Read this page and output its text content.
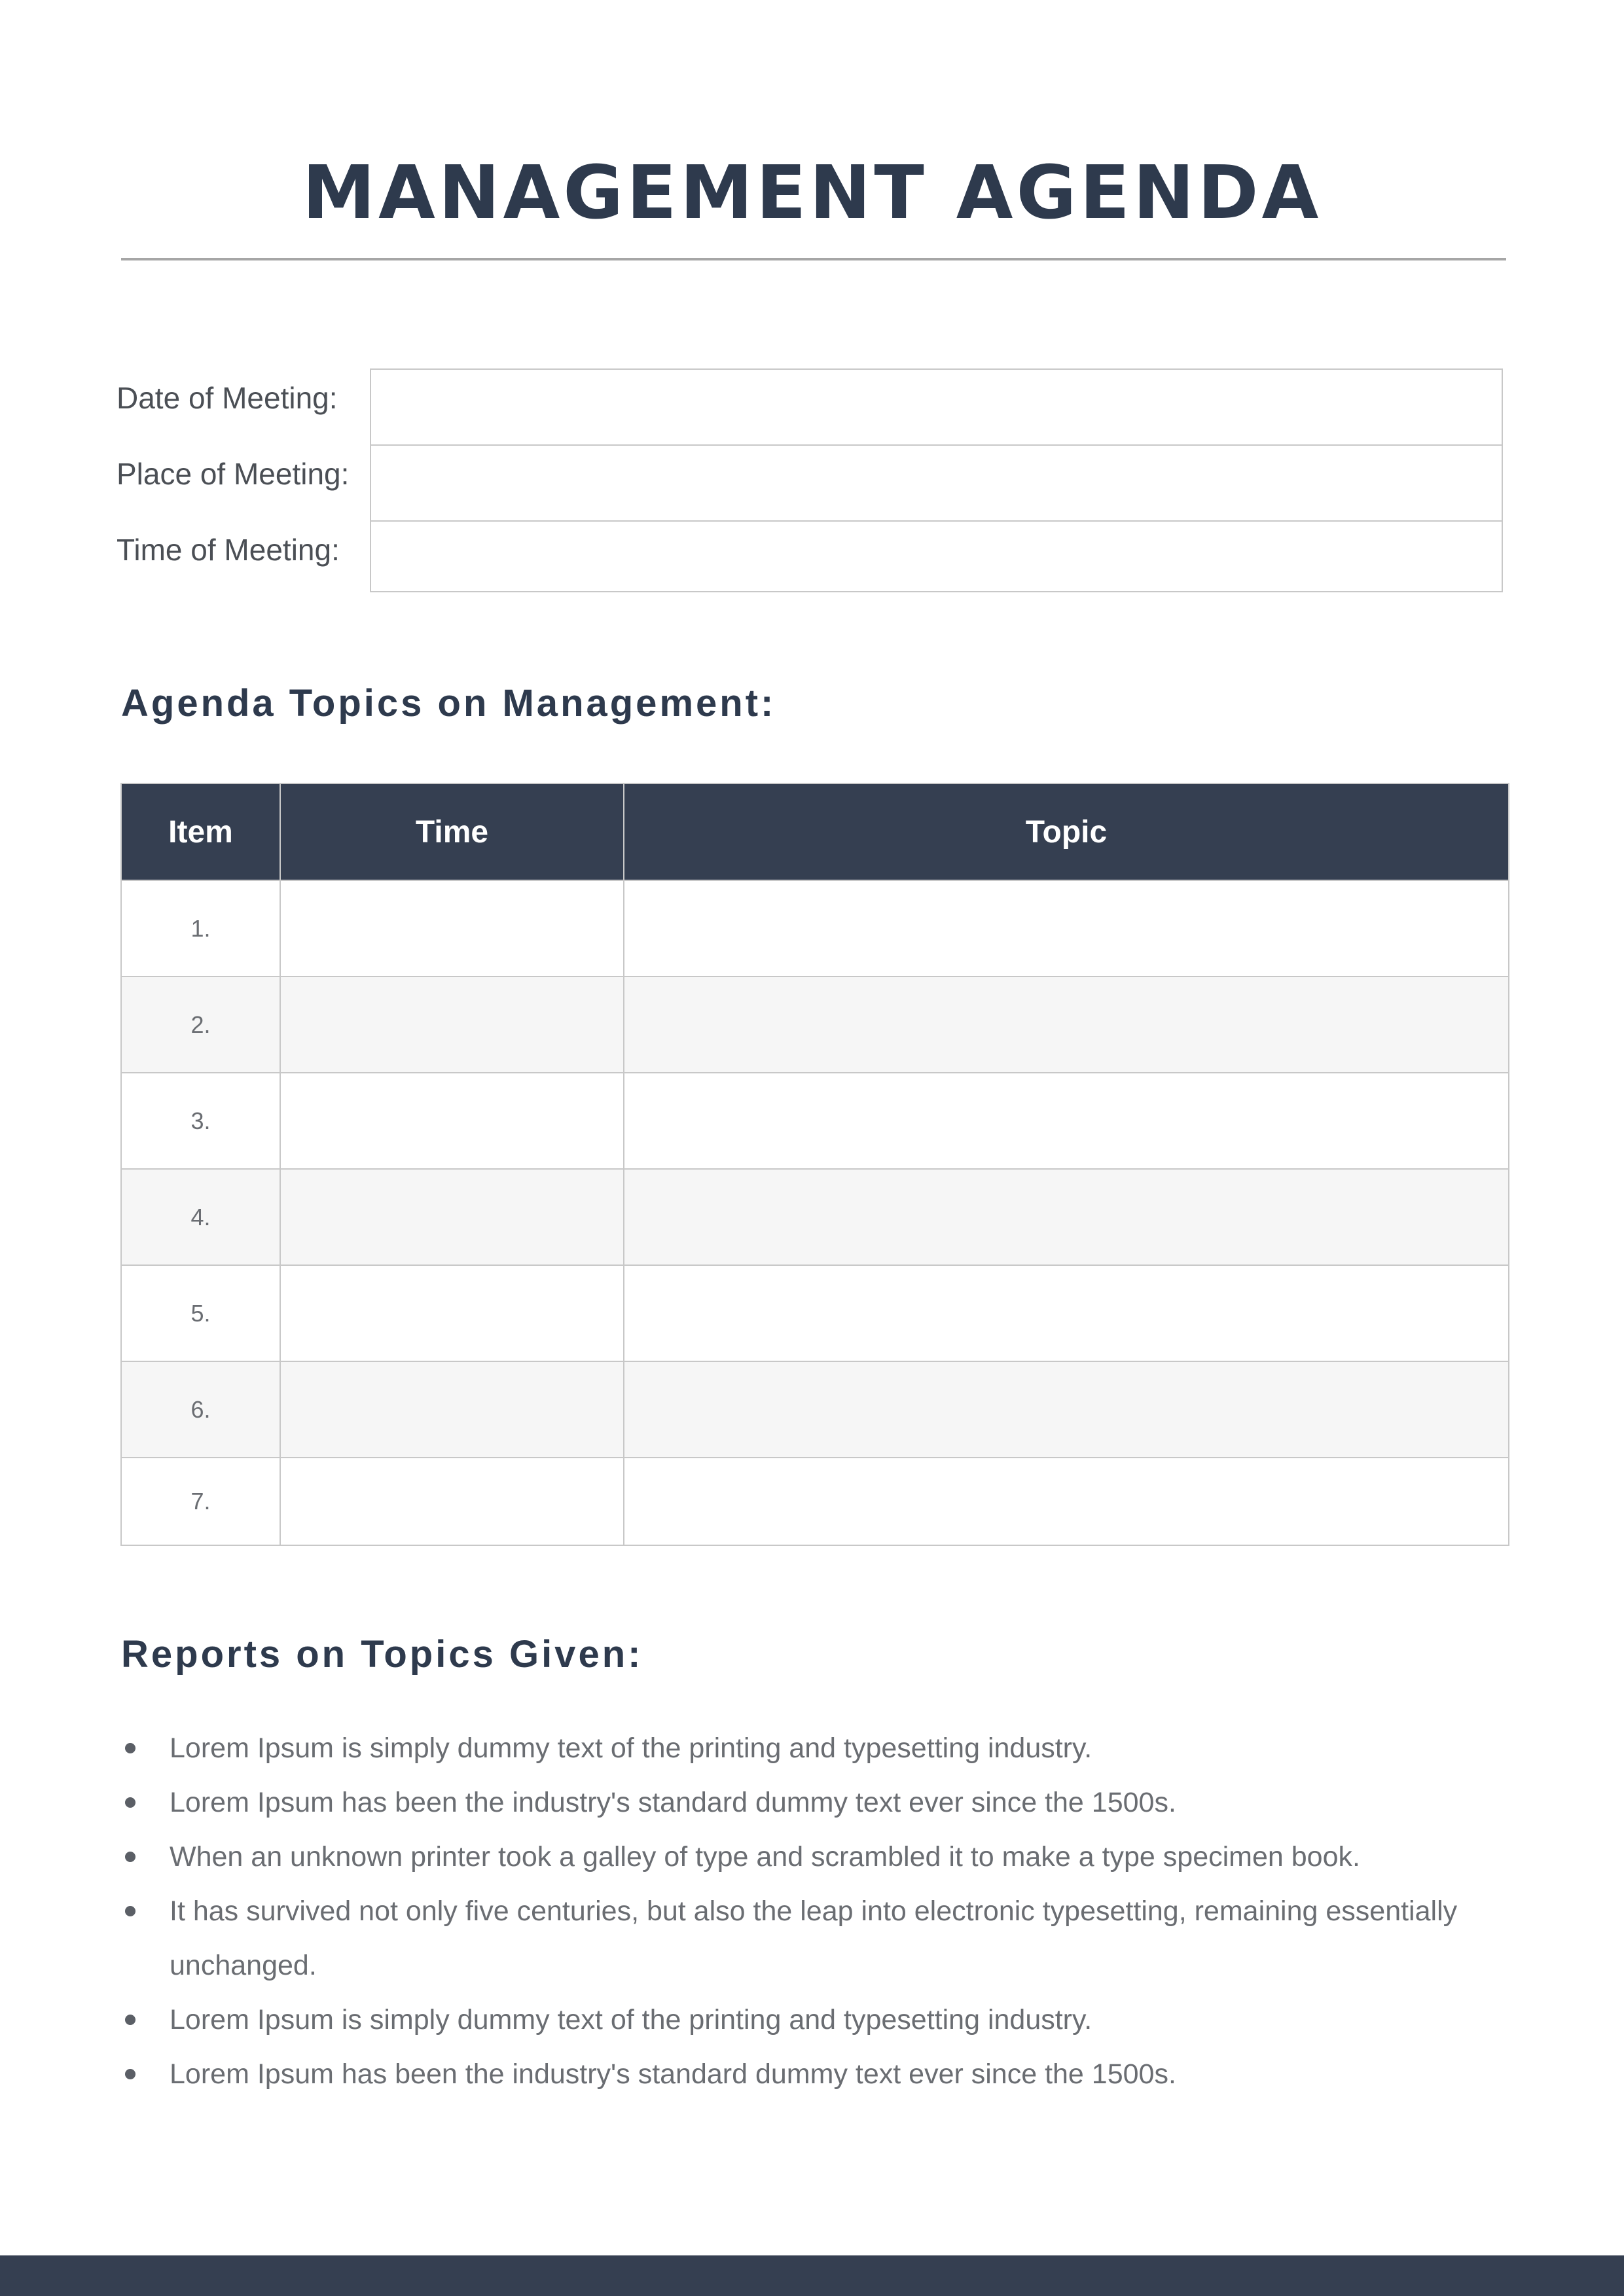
MANAGEMENT AGENDA
Date of Meeting:
Place of Meeting:
Time of Meeting:
Agenda Topics on Management:
Item	Time	Topic
1.		
2.		
3.		
4.		
5.		
6.		
7.		
Reports on Topics Given:
Lorem Ipsum is simply dummy text of the printing and typesetting industry.
Lorem Ipsum has been the industry's standard dummy text ever since the 1500s.
When an unknown printer took a galley of type and scrambled it to make a type specimen book.
It has survived not only five centuries, but also the leap into electronic typesetting, remaining essentially unchanged.
Lorem Ipsum is simply dummy text of the printing and typesetting industry.
Lorem Ipsum has been the industry's standard dummy text ever since the 1500s.
